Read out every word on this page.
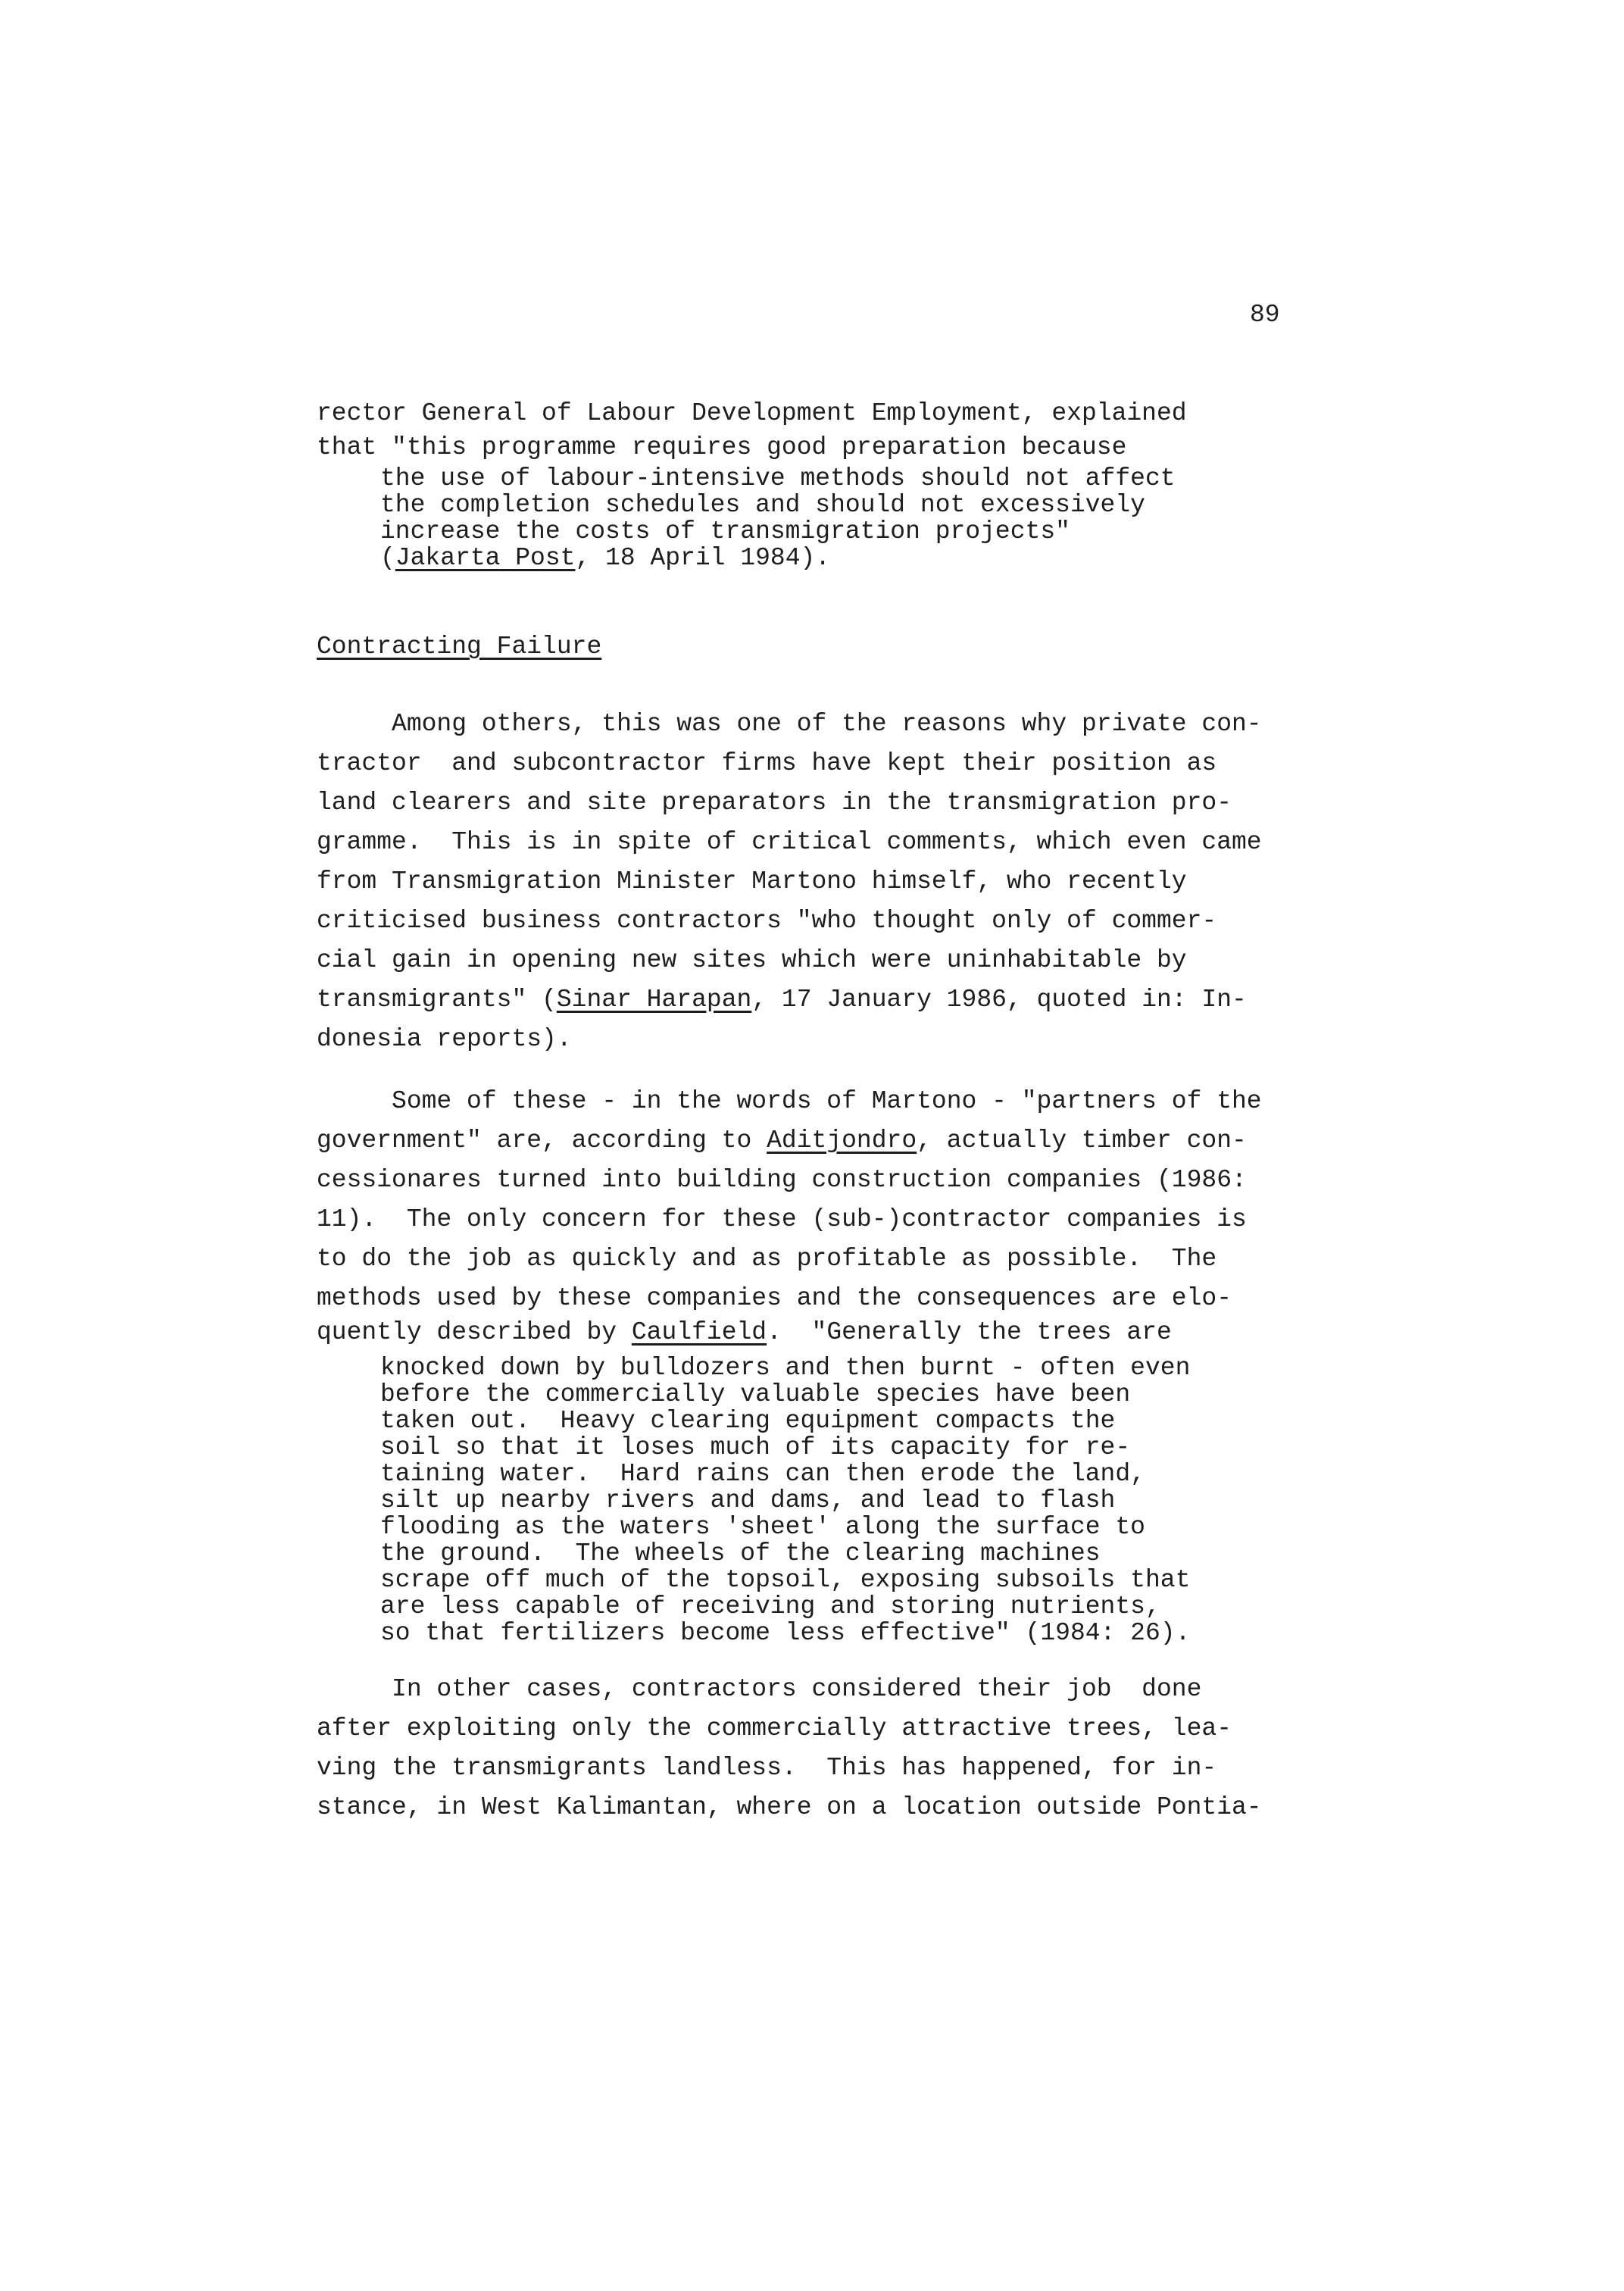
89
rector General of Labour Development Employment, explained
that "this programme requires good preparation because
the use of labour-intensive methods should not affect
the completion schedules and should not excessively
increase the costs of transmigration projects"
(Jakarta Post, 18 April 1984).
Contracting Failure
Among others, this was one of the reasons why private con-
tractor  and subcontractor firms have kept their position as
land clearers and site preparators in the transmigration pro-
gramme.  This is in spite of critical comments, which even came
from Transmigration Minister Martono himself, who recently
criticised business contractors "who thought only of commer-
cial gain in opening new sites which were uninhabitable by
transmigrants" (Sinar Harapan, 17 January 1986, quoted in: In-
donesia reports).
Some of these - in the words of Martono - "partners of the
government" are, according to Aditjondro, actually timber con-
cessionares turned into building construction companies (1986:
11).  The only concern for these (sub-)contractor companies is
to do the job as quickly and as profitable as possible.  The
methods used by these companies and the consequences are elo-
quently described by Caulfield.  "Generally the trees are
knocked down by bulldozers and then burnt - often even
before the commercially valuable species have been
taken out.  Heavy clearing equipment compacts the
soil so that it loses much of its capacity for re-
taining water.  Hard rains can then erode the land,
silt up nearby rivers and dams, and lead to flash
flooding as the waters 'sheet' along the surface to
the ground.  The wheels of the clearing machines
scrape off much of the topsoil, exposing subsoils that
are less capable of receiving and storing nutrients,
so that fertilizers become less effective" (1984: 26).
In other cases, contractors considered their job  done
after exploiting only the commercially attractive trees, lea-
ving the transmigrants landless.  This has happened, for in-
stance, in West Kalimantan, where on a location outside Pontia-
